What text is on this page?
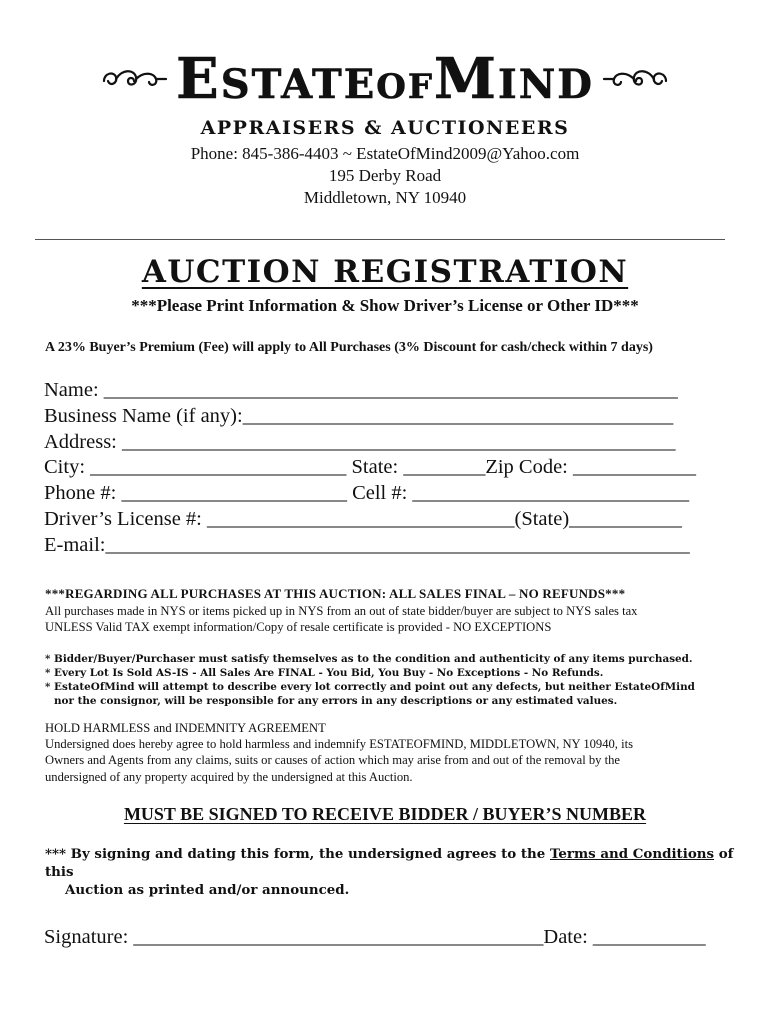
ESTATEOFMIND
APPRAISERS & AUCTIONEERS
Phone: 845-386-4403 ~ EstateOfMind2009@Yahoo.com
195 Derby Road
Middletown, NY 10940
AUCTION REGISTRATION
***Please Print Information & Show Driver’s License or Other ID***
A 23% Buyer’s Premium (Fee) will apply to All Purchases (3% Discount for cash/check within 7 days)
Name: ________________________________________________________
Business Name (if any):__________________________________________
Address: ______________________________________________________
City: _________________________ State: ________Zip Code: ____________
Phone #: ______________________ Cell #: ___________________________
Driver’s License #: ______________________________(State)___________
E-mail:_________________________________________________________
***REGARDING ALL PURCHASES AT THIS AUCTION: ALL SALES FINAL – NO REFUNDS***
All purchases made in NYS or items picked up in NYS from an out of state bidder/buyer are subject to NYS sales tax
UNLESS Valid TAX exempt information/Copy of resale certificate is provided - NO EXCEPTIONS
* Bidder/Buyer/Purchaser must satisfy themselves as to the condition and authenticity of any items purchased.
* Every Lot Is Sold AS-IS - All Sales Are FINAL - You Bid, You Buy - No Exceptions - No Refunds.
* EstateOfMind will attempt to describe every lot correctly and point out any defects, but neither EstateOfMind
nor the consignor, will be responsible for any errors in any descriptions or any estimated values.
HOLD HARMLESS and INDEMNITY AGREEMENT
Undersigned does hereby agree to hold harmless and indemnify ESTATEOFMIND, MIDDLETOWN, NY 10940, its
Owners and Agents from any claims, suits or causes of action which may arise from and out of the removal by the
undersigned of any property acquired by the undersigned at this Auction.
MUST BE SIGNED TO RECEIVE BIDDER / BUYER’S NUMBER
*** By signing and dating this form, the undersigned agrees to the Terms and Conditions of this
Auction as printed and/or announced.
Signature: ________________________________________Date: ___________
